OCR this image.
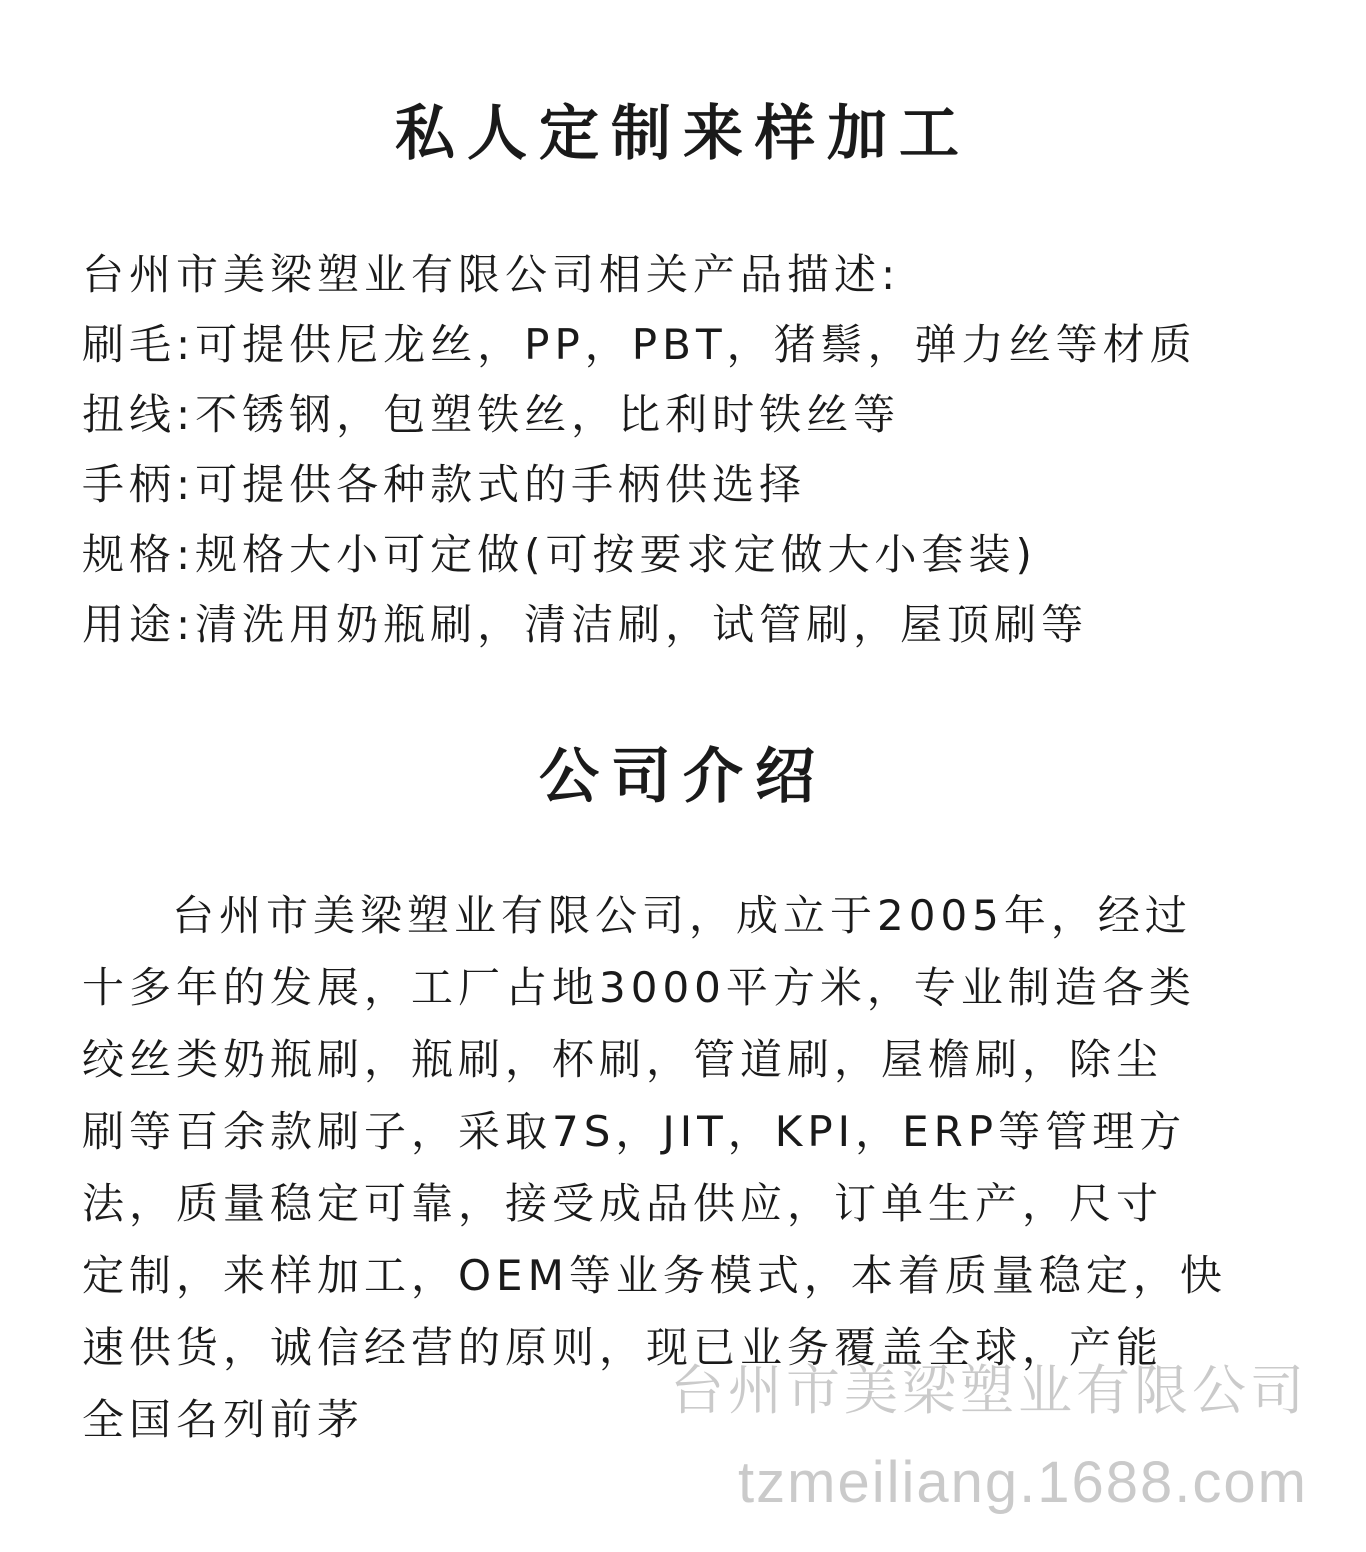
私人定制来样加工
台州市美梁塑业有限公司相关产品描述:
刷毛:可提供尼龙丝，PP，PBT，猪鬃，弹力丝等材质
扭线:不锈钢，包塑铁丝，比利时铁丝等
手柄:可提供各种款式的手柄供选择
规格:规格大小可定做(可按要求定做大小套装)
用途:清洗用奶瓶刷，清洁刷，试管刷，屋顶刷等
公司介绍
台州市美梁塑业有限公司，成立于2005年，经过
十多年的发展，工厂占地3000平方米，专业制造各类
绞丝类奶瓶刷，瓶刷，杯刷，管道刷，屋檐刷，除尘
刷等百余款刷子，采取7S，JIT，KPI，ERP等管理方
法，质量稳定可靠，接受成品供应，订单生产，尺寸
定制，来样加工，OEM等业务模式，本着质量稳定，快
速供货，诚信经营的原则，现已业务覆盖全球，产能
全国名列前茅	台州市美梁塑业有限公司
tzmeiliang.1688.com
